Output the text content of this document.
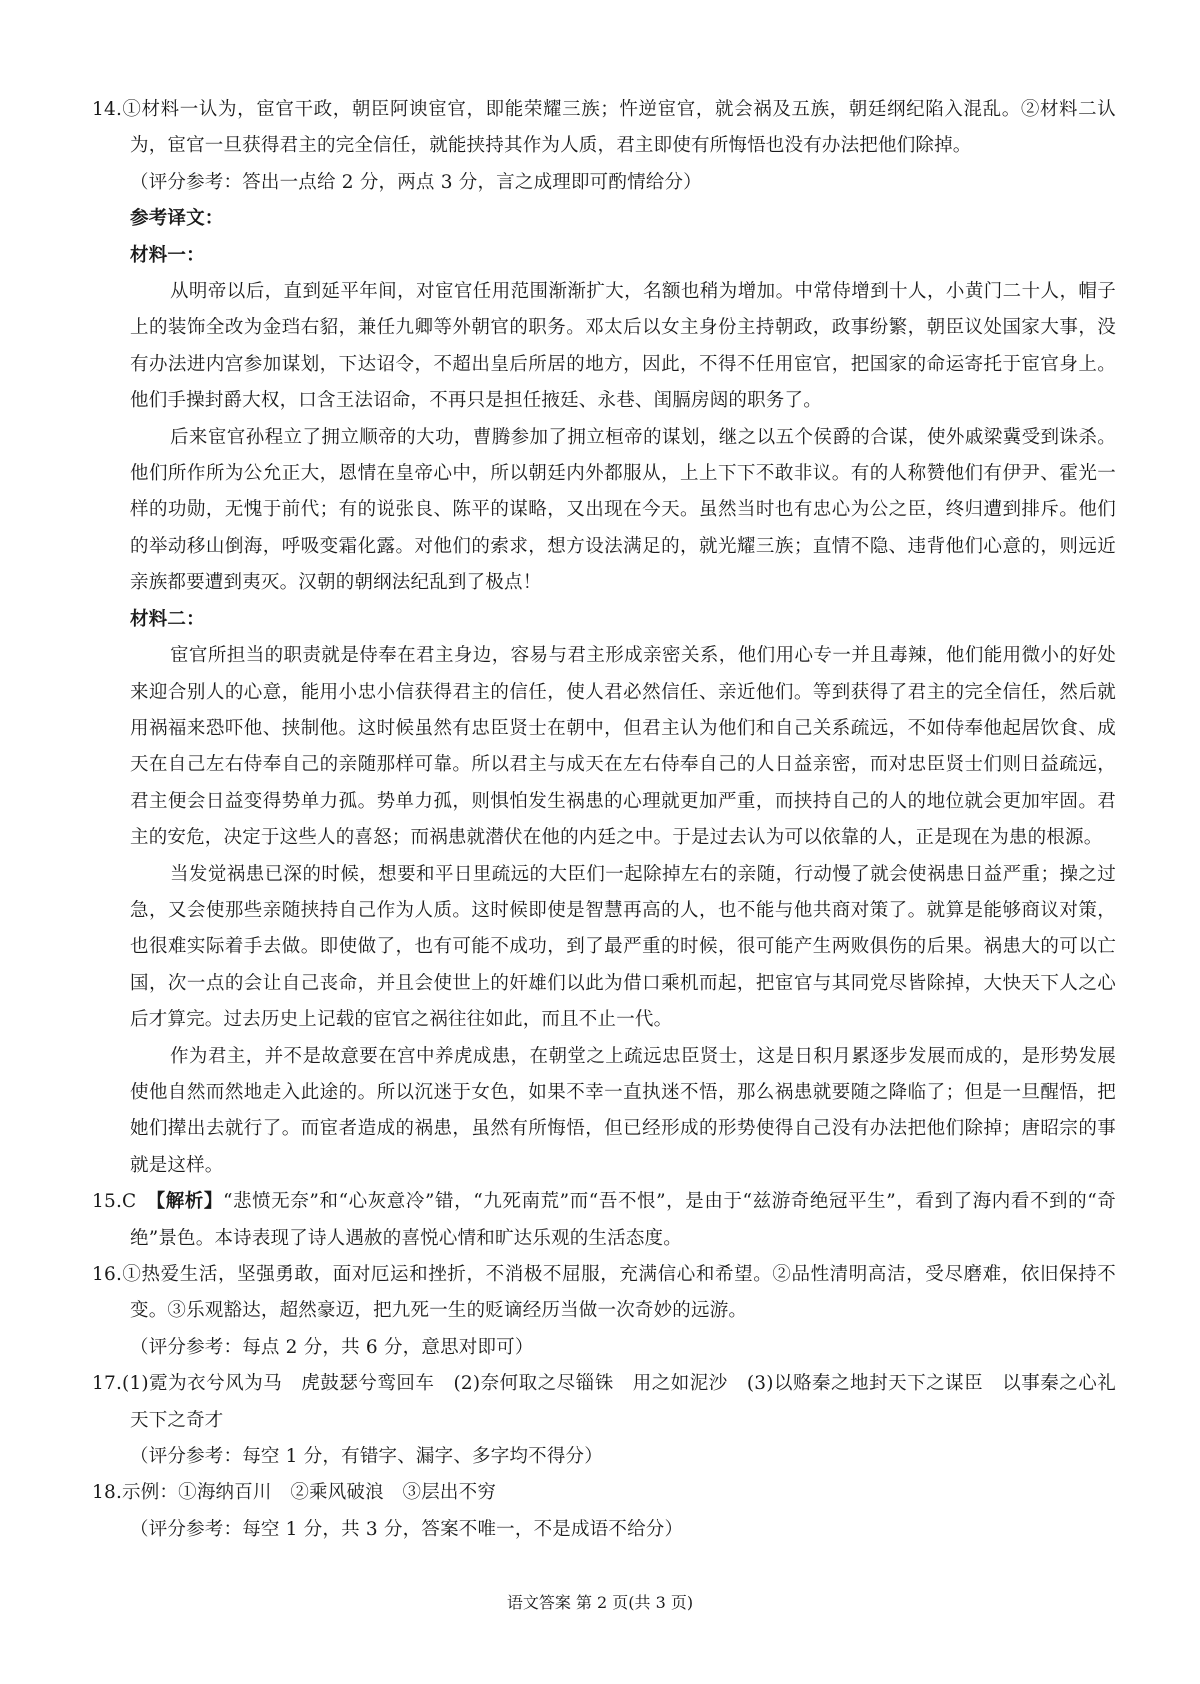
14.①材料一认为，宦官干政，朝臣阿谀宦官，即能荣耀三族；忤逆宦官，就会祸及五族，朝廷纲纪陷入混乱。②材料二认为，宦官一旦获得君主的完全信任，就能挟持其作为人质，君主即使有所悔悟也没有办法把他们除掉。

（评分参考：答出一点给 2 分，两点 3 分，言之成理即可酌情给分）

参考译文：

材料一：

从明帝以后，直到延平年间，对宦官任用范围渐渐扩大，名额也稍为增加。中常侍增到十人，小黄门二十人，帽子上的装饰全改为金珰右貂，兼任九卿等外朝官的职务。邓太后以女主身份主持朝政，政事纷繁，朝臣议处国家大事，没有办法进内宫参加谋划，下达诏令，不超出皇后所居的地方，因此，不得不任用宦官，把国家的命运寄托于宦官身上。他们手操封爵大权，口含王法诏命，不再只是担任掖廷、永巷、闺膈房闼的职务了。

后来宦官孙程立了拥立顺帝的大功，曹腾参加了拥立桓帝的谋划，继之以五个侯爵的合谋，使外戚梁冀受到诛杀。他们所作所为公允正大，恩情在皇帝心中，所以朝廷内外都服从，上上下下不敢非议。有的人称赞他们有伊尹、霍光一样的功勋，无愧于前代；有的说张良、陈平的谋略，又出现在今天。虽然当时也有忠心为公之臣，终归遭到排斥。他们的举动移山倒海，呼吸变霜化露。对他们的索求，想方设法满足的，就光耀三族；直情不隐、违背他们心意的，则远近亲族都要遭到夷灭。汉朝的朝纲法纪乱到了极点！

材料二：

宦官所担当的职责就是侍奉在君主身边，容易与君主形成亲密关系，他们用心专一并且毒辣，他们能用微小的好处来迎合别人的心意，能用小忠小信获得君主的信任，使人君必然信任、亲近他们。等到获得了君主的完全信任，然后就用祸福来恐吓他、挟制他。这时候虽然有忠臣贤士在朝中，但君主认为他们和自己关系疏远，不如侍奉他起居饮食、成天在自己左右侍奉自己的亲随那样可靠。所以君主与成天在左右侍奉自己的人日益亲密，而对忠臣贤士们则日益疏远，君主便会日益变得势单力孤。势单力孤，则惧怕发生祸患的心理就更加严重，而挟持自己的人的地位就会更加牢固。君主的安危，决定于这些人的喜怒；而祸患就潜伏在他的内廷之中。于是过去认为可以依靠的人，正是现在为患的根源。

当发觉祸患已深的时候，想要和平日里疏远的大臣们一起除掉左右的亲随，行动慢了就会使祸患日益严重；操之过急，又会使那些亲随挟持自己作为人质。这时候即使是智慧再高的人，也不能与他共商对策了。就算是能够商议对策，也很难实际着手去做。即使做了，也有可能不成功，到了最严重的时候，很可能产生两败俱伤的后果。祸患大的可以亡国，次一点的会让自己丧命，并且会使世上的奸雄们以此为借口乘机而起，把宦官与其同党尽皆除掉，大快天下人之心后才算完。过去历史上记载的宦官之祸往往如此，而且不止一代。

作为君主，并不是故意要在宫中养虎成患，在朝堂之上疏远忠臣贤士，这是日积月累逐步发展而成的，是形势发展使他自然而然地走入此途的。所以沉迷于女色，如果不幸一直执迷不悟，那么祸患就要随之降临了；但是一旦醒悟，把她们撵出去就行了。而宦者造成的祸患，虽然有所悔悟，但已经形成的形势使得自己没有办法把他们除掉；唐昭宗的事就是这样。

15.C　【解析】“悲愤无奈”和“心灰意冷”错，“九死南荒”而“吾不恨”，是由于“兹游奇绝冠平生”，看到了海内看不到的“奇绝”景色。本诗表现了诗人遇赦的喜悦心情和旷达乐观的生活态度。

16.①热爱生活，坚强勇敢，面对厄运和挫折，不消极不屈服，充满信心和希望。②品性清明高洁，受尽磨难，依旧保持不变。③乐观豁达，超然豪迈，把九死一生的贬谪经历当做一次奇妙的远游。

（评分参考：每点 2 分，共 6 分，意思对即可）

17.(1)霓为衣兮风为马　虎鼓瑟兮鸾回车　(2)奈何取之尽锱铢　用之如泥沙　(3)以赂秦之地封天下之谋臣　以事秦之心礼天下之奇才

（评分参考：每空 1 分，有错字、漏字、多字均不得分）

18.示例：①海纳百川　②乘风破浪　③层出不穷

（评分参考：每空 1 分，共 3 分，答案不唯一，不是成语不给分）

语文答案 第 2 页(共 3 页)
